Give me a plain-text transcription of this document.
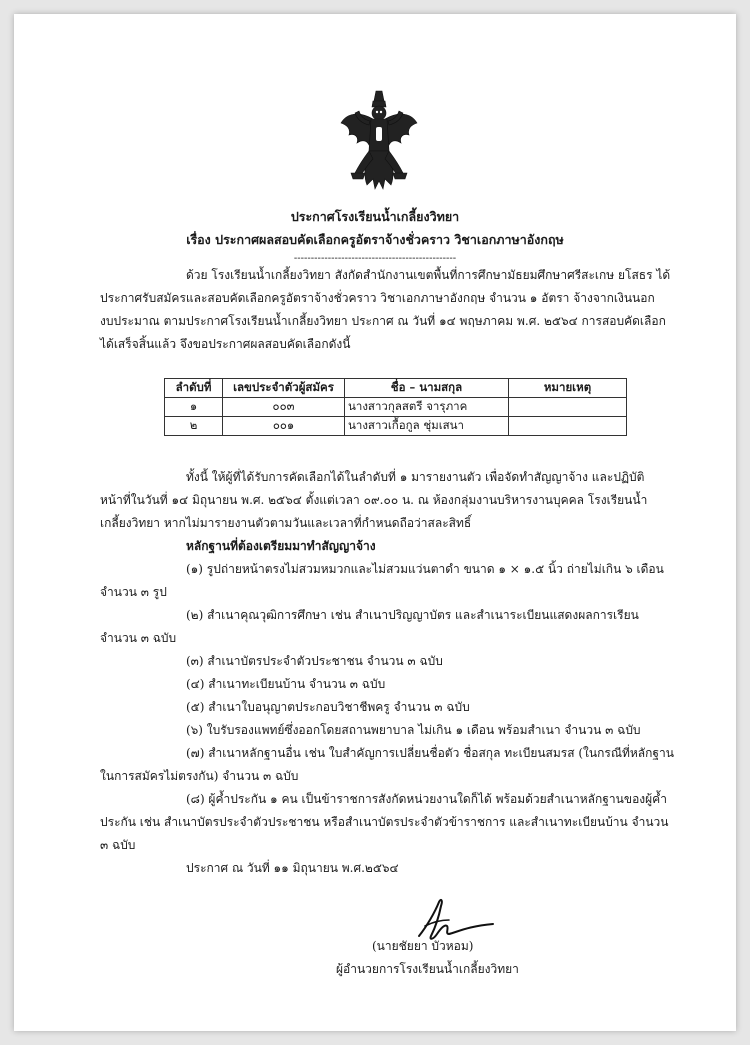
ประกาศโรงเรียนน้ำเกลี้ยงวิทยา
เรื่อง ประกาศผลสอบคัดเลือกครูอัตราจ้างชั่วคราว วิชาเอกภาษาอังกฤษ
------------------------------------------------
ด้วย โรงเรียนน้ำเกลี้ยงวิทยา สังกัดสำนักงานเขตพื้นที่การศึกษามัธยมศึกษาศรีสะเกษ ยโสธร ได้
ประกาศรับสมัครและสอบคัดเลือกครูอัตราจ้างชั่วคราว วิชาเอกภาษาอังกฤษ จำนวน ๑ อัตรา จ้างจากเงินนอก
งบประมาณ ตามประกาศโรงเรียนน้ำเกลี้ยงวิทยา ประกาศ ณ วันที่ ๑๔ พฤษภาคม พ.ศ. ๒๕๖๔ การสอบคัดเลือก
ได้เสร็จสิ้นแล้ว จึงขอประกาศผลสอบคัดเลือกดังนี้
ลำดับที่	เลขประจำตัวผู้สมัคร	ชื่อ – นามสกุล	หมายเหตุ
๑	๐๐๓	นางสาวกุลสตรี จารุภาค	
๒	๐๐๑	นางสาวเกื้อกูล ชุ่มเสนา	
ทั้งนี้ ให้ผู้ที่ได้รับการคัดเลือกได้ในลำดับที่ ๑ มารายงานตัว เพื่อจัดทำสัญญาจ้าง และปฏิบัติ
หน้าที่ในวันที่ ๑๔ มิถุนายน พ.ศ. ๒๕๖๔ ตั้งแต่เวลา ๐๙.๐๐ น. ณ ห้องกลุ่มงานบริหารงานบุคคล โรงเรียนน้ำ
เกลี้ยงวิทยา หากไม่มารายงานตัวตามวันและเวลาที่กำหนดถือว่าสละสิทธิ์
หลักฐานที่ต้องเตรียมมาทำสัญญาจ้าง
(๑) รูปถ่ายหน้าตรงไม่สวมหมวกและไม่สวมแว่นตาดำ ขนาด ๑ × ๑.๕ นิ้ว ถ่ายไม่เกิน ๖ เดือน
จำนวน ๓ รูป
(๒) สำเนาคุณวุฒิการศึกษา เช่น สำเนาปริญญาบัตร และสำเนาระเบียนแสดงผลการเรียน
จำนวน ๓ ฉบับ
(๓) สำเนาบัตรประจำตัวประชาชน จำนวน ๓ ฉบับ
(๔) สำเนาทะเบียนบ้าน จำนวน ๓ ฉบับ
(๕) สำเนาใบอนุญาตประกอบวิชาชีพครู จำนวน ๓ ฉบับ
(๖) ใบรับรองแพทย์ซึ่งออกโดยสถานพยาบาล ไม่เกิน ๑ เดือน พร้อมสำเนา จำนวน ๓ ฉบับ
(๗) สำเนาหลักฐานอื่น เช่น ใบสำคัญการเปลี่ยนชื่อตัว ชื่อสกุล ทะเบียนสมรส (ในกรณีที่หลักฐาน
ในการสมัครไม่ตรงกัน) จำนวน ๓ ฉบับ
(๘) ผู้ค้ำประกัน ๑ คน เป็นข้าราชการสังกัดหน่วยงานใดก็ได้ พร้อมด้วยสำเนาหลักฐานของผู้ค้ำ
ประกัน เช่น สำเนาบัตรประจำตัวประชาชน หรือสำเนาบัตรประจำตัวข้าราชการ และสำเนาทะเบียนบ้าน จำนวน
๓ ฉบับ
ประกาศ ณ วันที่ ๑๑ มิถุนายน พ.ศ.๒๕๖๔
(นายชัยยา บัวหอม)
ผู้อำนวยการโรงเรียนน้ำเกลี้ยงวิทยา
